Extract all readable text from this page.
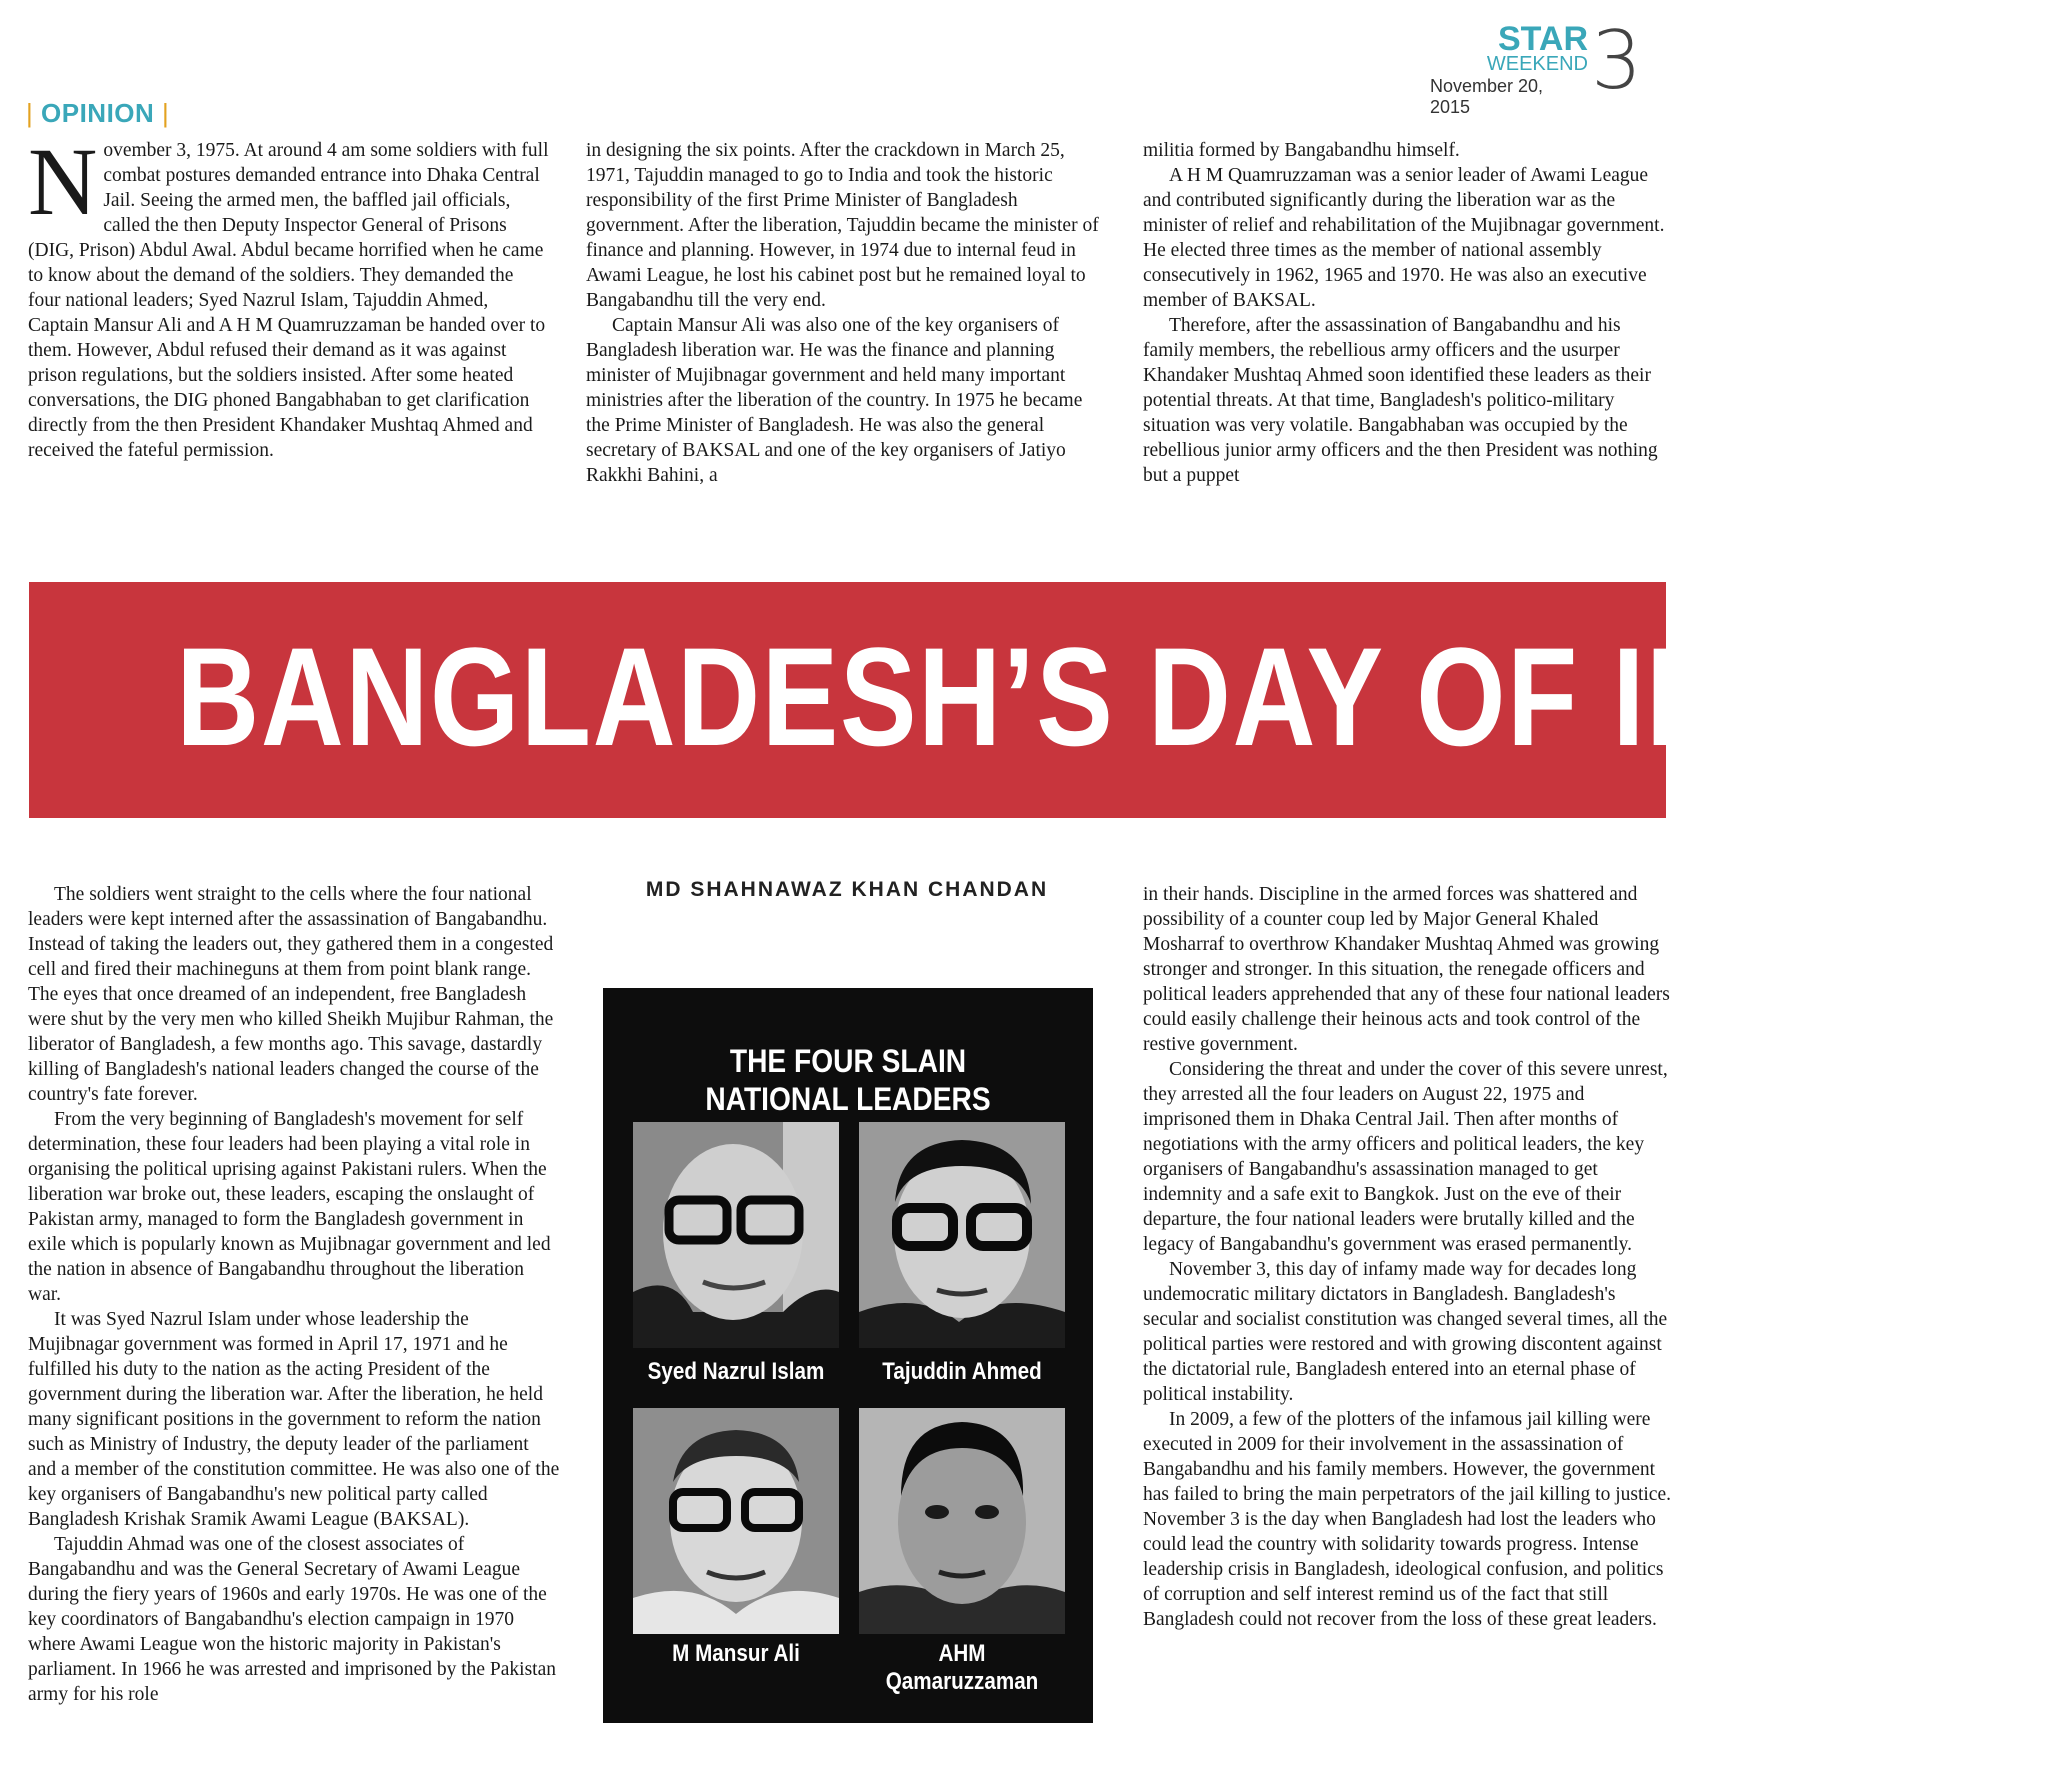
STAR
WEEKEND
November 20, 2015	3
| OPINION |
N ovember 3, 1975. At around 4 am some soldiers with full combat postures demanded entrance into Dhaka Central Jail. Seeing the armed men, the baffled jail officials, called the then Deputy Inspector General of Prisons (DIG, Prison) Abdul Awal. Abdul became horrified when he came to know about the demand of the soldiers. They demanded the four national leaders; Syed Nazrul Islam, Tajuddin Ahmed, Captain Mansur Ali and A H M Quamruzzaman be handed over to them. However, Abdul refused their demand as it was against prison regulations, but the soldiers insisted. After some heated conversations, the DIG phoned Bangabhaban to get clarification directly from the then President Khandaker Mushtaq Ahmed and received the fateful permission.

in designing the six points. After the crackdown in March 25, 1971, Tajuddin managed to go to India and took the historic responsibility of the first Prime Minister of Bangladesh government. After the liberation, Tajuddin became the minister of finance and planning. However, in 1974 due to internal feud in Awami League, he lost his cabinet post but he remained loyal to Bangabandhu till the very end.

Captain Mansur Ali was also one of the key organisers of Bangladesh liberation war. He was the finance and planning minister of Mujibnagar government and held many important ministries after the liberation of the country. In 1975 he became the Prime Minister of Bangladesh. He was also the general secretary of BAKSAL and one of the key organisers of Jatiyo Rakkhi Bahini, a

militia formed by Bangabandhu himself.

A H M Quamruzzaman was a senior leader of Awami League and contributed significantly during the liberation war as the minister of relief and rehabilitation of the Mujibnagar government. He elected three times as the member of national assembly consecutively in 1962, 1965 and 1970. He was also an executive member of BAKSAL.

Therefore, after the assassination of Bangabandhu and his family members, the rebellious army officers and the usurper Khandaker Mushtaq Ahmed soon identified these leaders as their potential threats. At that time, Bangladesh's politico-military situation was very volatile. Bangabhaban was occupied by the rebellious junior army officers and the then President was nothing but a puppet

BANGLADESH’S DAY OF INFAMY
MD SHAHNAWAZ KHAN CHANDAN

The soldiers went straight to the cells where the four national leaders were kept interned after the assassination of Bangabandhu. Instead of taking the leaders out, they gathered them in a congested cell and fired their machineguns at them from point blank range. The eyes that once dreamed of an independent, free Bangladesh were shut by the very men who killed Sheikh Mujibur Rahman, the liberator of Bangladesh, a few months ago. This savage, dastardly killing of Bangladesh's national leaders changed the course of the country's fate forever.

From the very beginning of Bangladesh's movement for self determination, these four leaders had been playing a vital role in organising the political uprising against Pakistani rulers. When the liberation war broke out, these leaders, escaping the onslaught of Pakistan army, managed to form the Bangladesh government in exile which is popularly known as Mujibnagar government and led the nation in absence of Bangabandhu throughout the liberation war.

It was Syed Nazrul Islam under whose leadership the Mujibnagar government was formed in April 17, 1971 and he fulfilled his duty to the nation as the acting President of the government during the liberation war. After the liberation, he held many significant positions in the government to reform the nation such as Ministry of Industry, the deputy leader of the parliament and a member of the constitution committee. He was also one of the key organisers of Bangabandhu's new political party called Bangladesh Krishak Sramik Awami League (BAKSAL).

Tajuddin Ahmad was one of the closest associates of Bangabandhu and was the General Secretary of Awami League during the fiery years of 1960s and early 1970s. He was one of the key coordinators of Bangabandhu's election campaign in 1970 where Awami League won the historic majority in Pakistan's parliament. In 1966 he was arrested and imprisoned by the Pakistan army for his role

in their hands. Discipline in the armed forces was shattered and possibility of a counter coup led by Major General Khaled Mosharraf to overthrow Khandaker Mushtaq Ahmed was growing stronger and stronger. In this situation, the renegade officers and political leaders apprehended that any of these four national leaders could easily challenge their heinous acts and took control of the restive government.

Considering the threat and under the cover of this severe unrest, they arrested all the four leaders on August 22, 1975 and imprisoned them in Dhaka Central Jail. Then after months of negotiations with the army officers and political leaders, the key organisers of Bangabandhu's assassination managed to get indemnity and a safe exit to Bangkok. Just on the eve of their departure, the four national leaders were brutally killed and the legacy of Bangabandhu's government was erased permanently.

November 3, this day of infamy made way for decades long undemocratic military dictators in Bangladesh. Bangladesh's secular and socialist constitution was changed several times, all the political parties were restored and with growing discontent against the dictatorial rule, Bangladesh entered into an eternal phase of political instability.

In 2009, a few of the plotters of the infamous jail killing were executed in 2009 for their involvement in the assassination of Bangabandhu and his family members. However, the government has failed to bring the main perpetrators of the jail killing to justice. November 3 is the day when Bangladesh had lost the leaders who could lead the country with solidarity towards progress. Intense leadership crisis in Bangladesh, ideological confusion, and politics of corruption and self interest remind us of the fact that still Bangladesh could not recover from the loss of these great leaders.

THE FOUR SLAIN
NATIONAL LEADERS
Syed Nazrul Islam	Tajuddin Ahmed
M Mansur Ali	AHM Qamaruzzaman
